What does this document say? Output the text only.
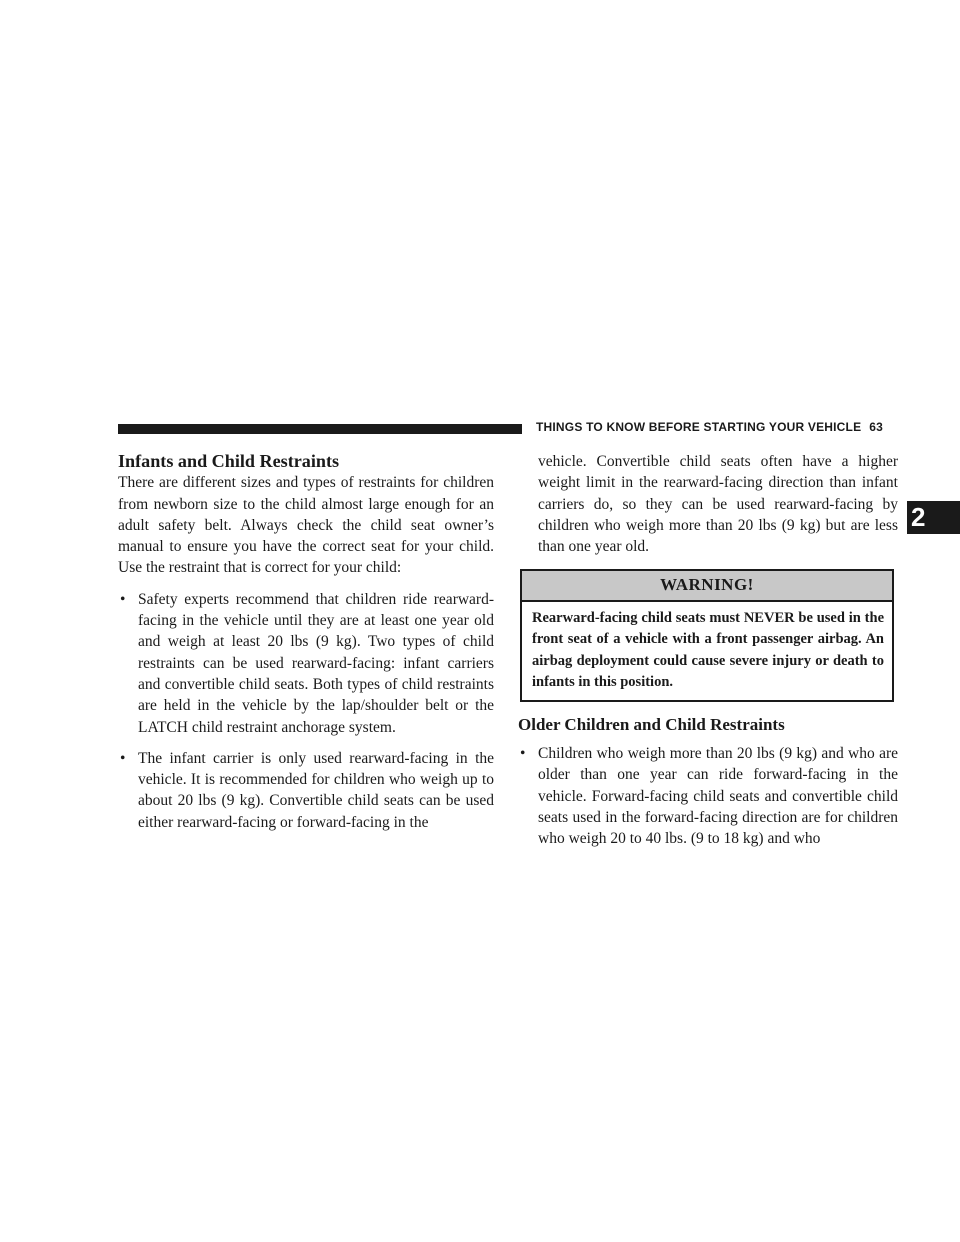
THINGS TO KNOW BEFORE STARTING YOUR VEHICLE 63
2
Infants and Child Restraints

There are different sizes and types of restraints for children from newborn size to the child almost large enough for an adult safety belt. Always check the child seat owner’s manual to ensure you have the correct seat for your child. Use the restraint that is correct for your child:

• Safety experts recommend that children ride rearward-facing in the vehicle until they are at least one year old and weigh at least 20 lbs (9 kg). Two types of child restraints can be used rearward-facing: infant carriers and convertible child seats. Both types of child restraints are held in the vehicle by the lap/shoulder belt or the LATCH child restraint anchorage system.
• The infant carrier is only used rearward-facing in the vehicle. It is recommended for children who weigh up to about 20 lbs (9 kg). Convertible child seats can be used either rearward-facing or forward-facing in the

vehicle. Convertible child seats often have a higher weight limit in the rearward-facing direction than infant carriers do, so they can be used rearward-facing by children who weigh more than 20 lbs (9 kg) but are less than one year old.

WARNING!
Rearward-facing child seats must NEVER be used in the front seat of a vehicle with a front passenger airbag. An airbag deployment could cause severe injury or death to infants in this position.
Older Children and Child Restraints
• Children who weigh more than 20 lbs (9 kg) and who are older than one year can ride forward-facing in the vehicle. Forward-facing child seats and convertible child seats used in the forward-facing direction are for children who weigh 20 to 40 lbs. (9 to 18 kg) and who
